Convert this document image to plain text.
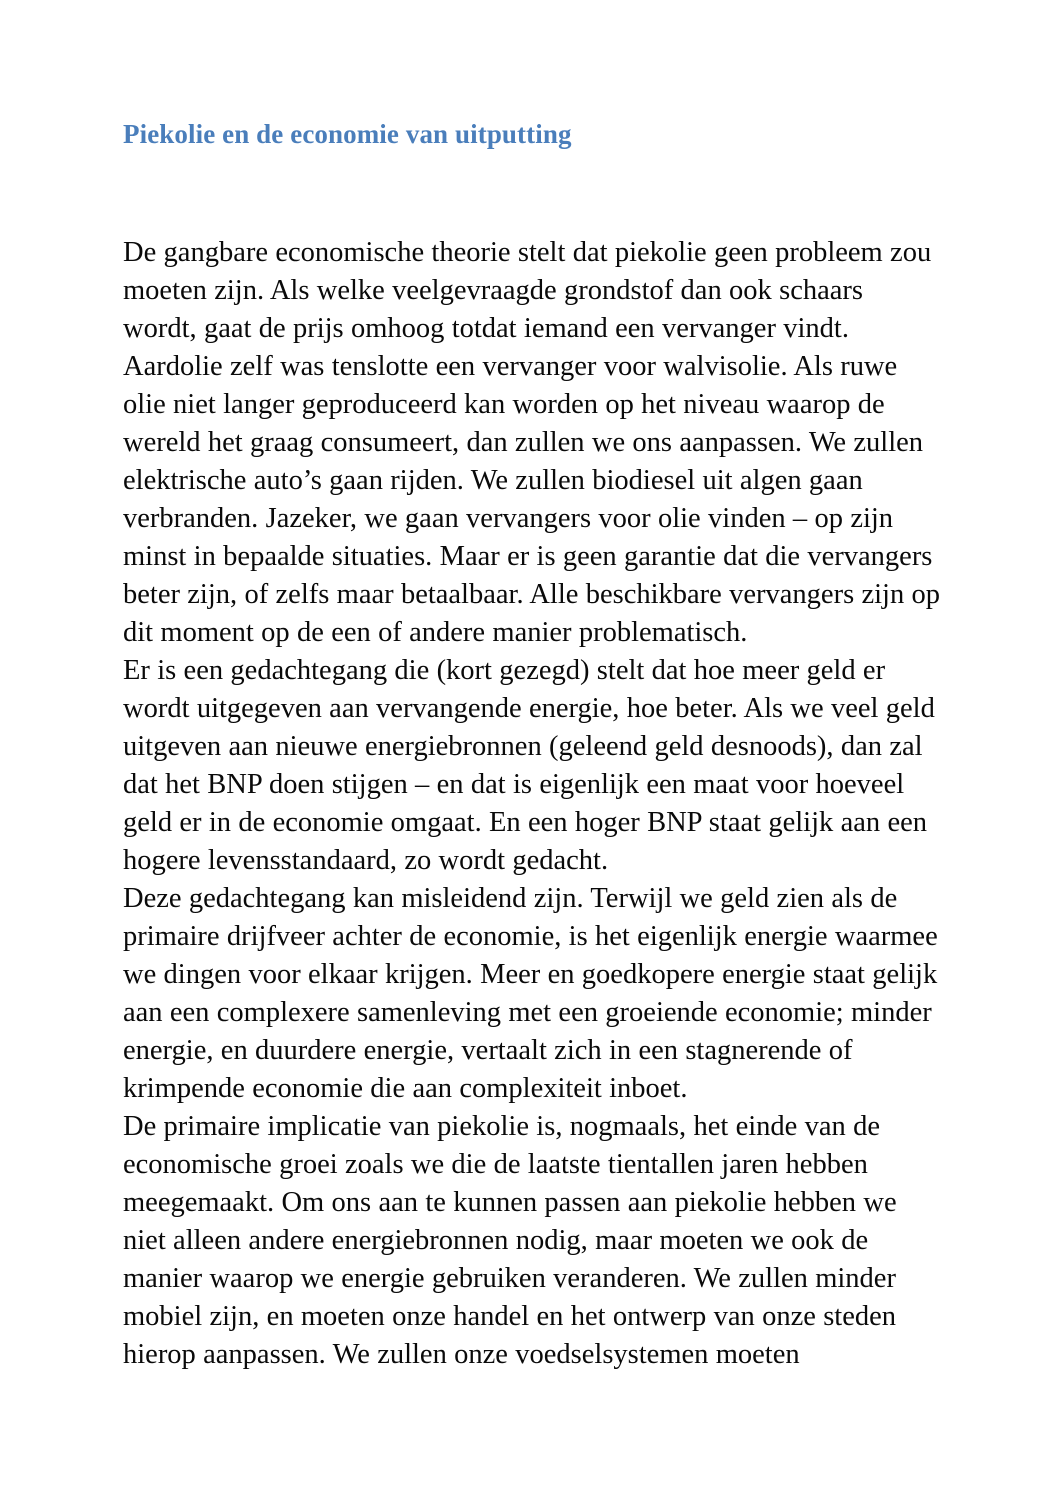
Piekolie en de economie van uitputting

De gangbare economische theorie stelt dat piekolie geen probleem zou moeten zijn. Als welke veelgevraagde grondstof dan ook schaars wordt, gaat de prijs omhoog totdat iemand een vervanger vindt. Aardolie zelf was tenslotte een vervanger voor walvisolie. Als ruwe olie niet langer geproduceerd kan worden op het niveau waarop de wereld het graag consumeert, dan zullen we ons aanpassen. We zullen elektrische auto’s gaan rijden. We zullen biodiesel uit algen gaan verbranden. Jazeker, we gaan vervangers voor olie vinden – op zijn minst in bepaalde situaties. Maar er is geen garantie dat die vervangers beter zijn, of zelfs maar betaalbaar. Alle beschikbare vervangers zijn op dit moment op de een of andere manier problematisch.

Er is een gedachtegang die (kort gezegd) stelt dat hoe meer geld er wordt uitgegeven aan vervangende energie, hoe beter. Als we veel geld uitgeven aan nieuwe energiebronnen (geleend geld desnoods), dan zal dat het BNP doen stijgen – en dat is eigenlijk een maat voor hoeveel geld er in de economie omgaat. En een hoger BNP staat gelijk aan een hogere levensstandaard, zo wordt gedacht.

Deze gedachtegang kan misleidend zijn. Terwijl we geld zien als de primaire drijfveer achter de economie, is het eigenlijk energie waarmee we dingen voor elkaar krijgen. Meer en goedkopere energie staat gelijk aan een complexere samenleving met een groeiende economie; minder energie, en duurdere energie, vertaalt zich in een stagnerende of krimpende economie die aan complexiteit inboet.

De primaire implicatie van piekolie is, nogmaals, het einde van de economische groei zoals we die de laatste tientallen jaren hebben meegemaakt. Om ons aan te kunnen passen aan piekolie hebben we niet alleen andere energiebronnen nodig, maar moeten we ook de manier waarop we energie gebruiken veranderen. We zullen minder mobiel zijn, en moeten onze handel en het ontwerp van onze steden hierop aanpassen. We zullen onze voedselsystemen moeten
